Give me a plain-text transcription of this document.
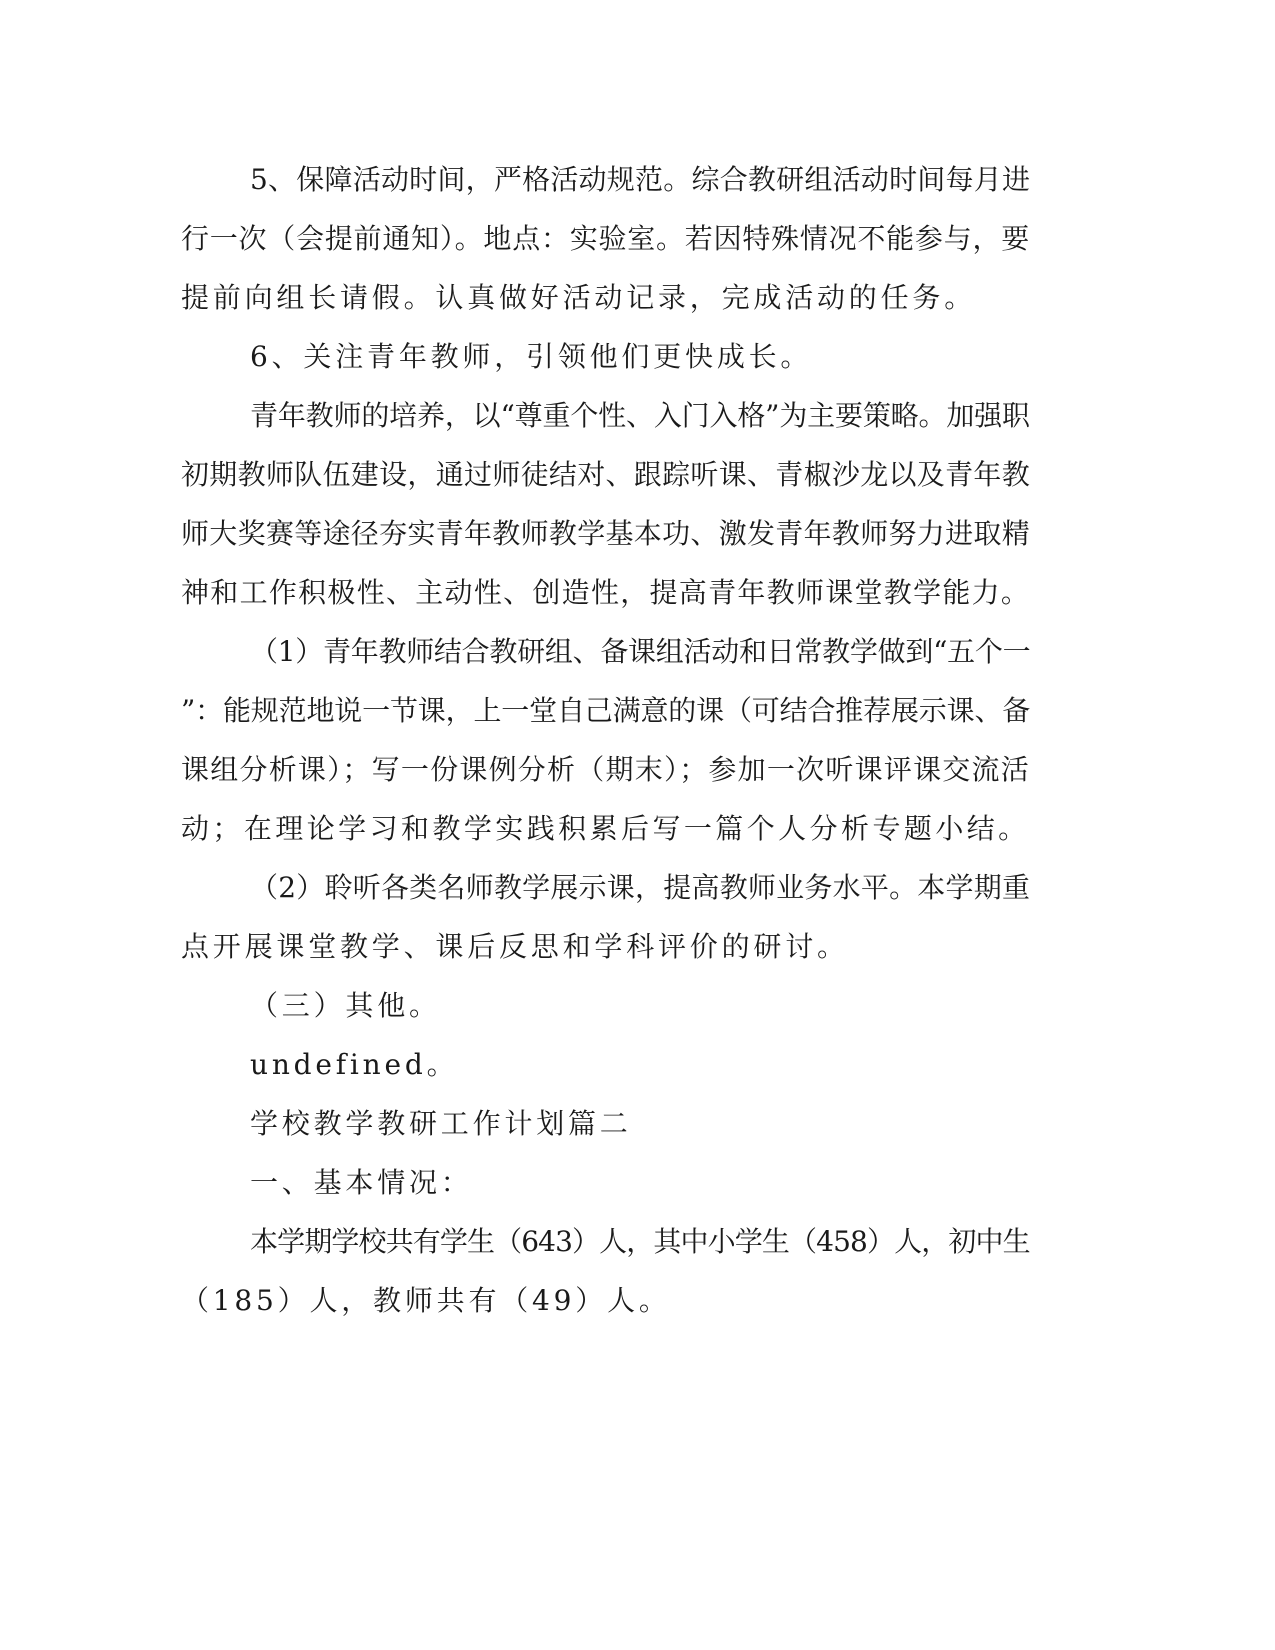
5、保障活动时间，严格活动规范。综合教研组活动时间每月进
行一次（会提前通知）。地点：实验室。若因特殊情况不能参与，要
提前向组长请假。认真做好活动记录，完成活动的任务。
6、关注青年教师，引领他们更快成长。
青年教师的培养，以“尊重个性、入门入格”为主要策略。加强职
初期教师队伍建设，通过师徒结对、跟踪听课、青椒沙龙以及青年教
师大奖赛等途径夯实青年教师教学基本功、激发青年教师努力进取精
神和工作积极性、主动性、创造性，提高青年教师课堂教学能力。
（1）青年教师结合教研组、备课组活动和日常教学做到“五个一
”：能规范地说一节课，上一堂自己满意的课（可结合推荐展示课、备
课组分析课）；写一份课例分析（期末）；参加一次听课评课交流活
动；在理论学习和教学实践积累后写一篇个人分析专题小结。
（2）聆听各类名师教学展示课，提高教师业务水平。本学期重
点开展课堂教学、课后反思和学科评价的研讨。
（三）其他。
undefined。
学校教学教研工作计划篇二
一、基本情况：
本学期学校共有学生（643）人，其中小学生（458）人，初中生
（185）人，教师共有（49）人。
